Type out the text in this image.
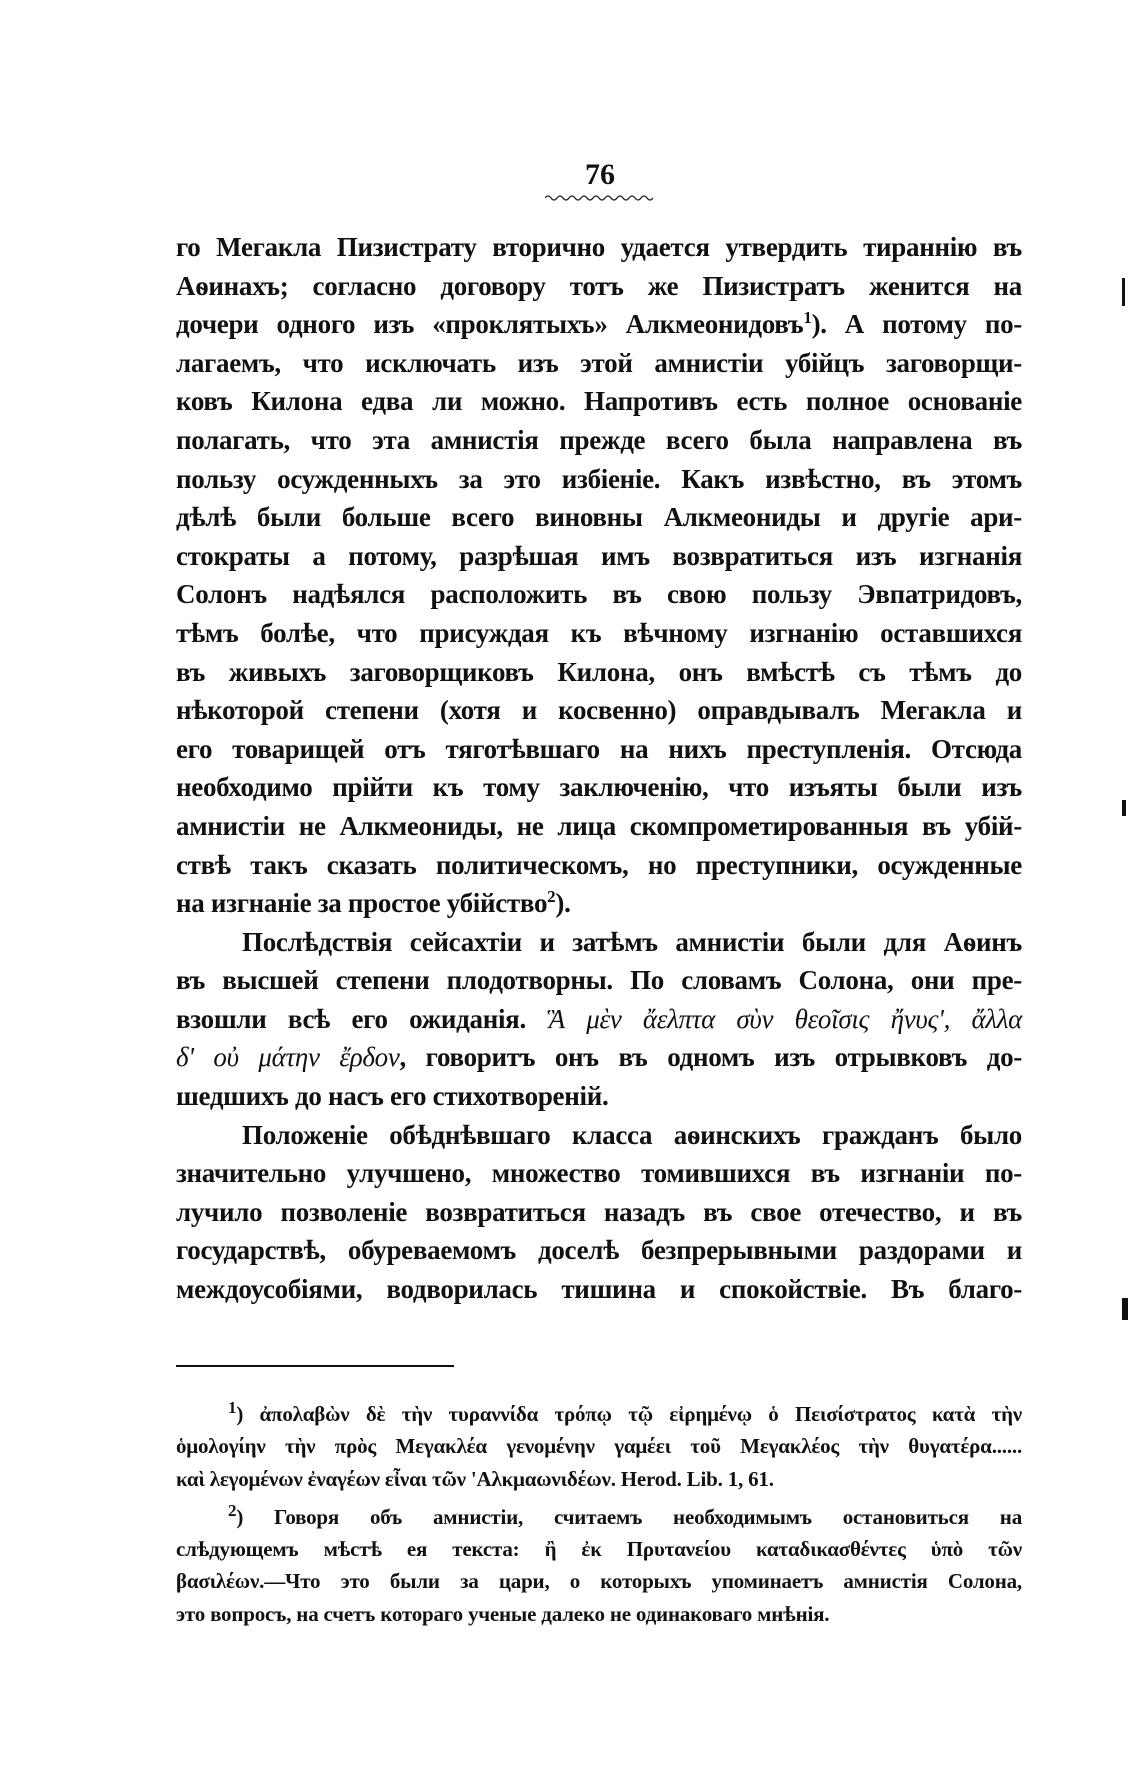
76
го Мегакла Пизистрату вторично удается утвердить тираннію въ
Аѳинахъ; согласно договору тотъ же Пизистратъ женится на
дочери одного изъ «проклятыхъ» Алкмеонидовъ$^1$). А потому по-
лагаемъ, что исключать изъ этой амнистіи убійцъ заговорщи-
ковъ Килона едва ли можно. Напротивъ есть полное основаніе
полагать, что эта амнистія прежде всего была направлена въ
пользу осужденныхъ за это избіеніе. Какъ извѣстно, въ этомъ
дѣлѣ были больше всего виновны Алкмеониды и другіе ари-
стократы а потому, разрѣшая имъ возвратиться изъ изгнанія
Солонъ надѣялся расположить въ свою пользу Эвпатридовъ,
тѣмъ болѣе, что присуждая къ вѣчному изгнанію оставшихся
въ живыхъ заговорщиковъ Килона, онъ вмѣстѣ съ тѣмъ до
нѣкоторой степени (хотя и косвенно) оправдывалъ Мегакла и
его товарищей отъ тяготѣвшаго на нихъ преступленія. Отсюда
необходимо прійти къ тому заключенію, что изъяты были изъ
амнистіи не Алкмеониды, не лица скомпрометированныя въ убій-
ствѣ такъ сказать политическомъ, но преступники, осужденные
на изгнаніе за простое убійство$^2$).
Послѣдствія сейсахтіи и затѣмъ амнистіи были для Аѳинъ
въ высшей степени плодотворны. По словамъ Солона, они пре-
взошли всѣ его ожиданія. Ἃ μὲν ἄελπτα σὺν θεοῖσις ἤνυς', ἄλλα
δ' οὐ μάτην ἔρδον, говоритъ онъ въ одномъ изъ отрывковъ до-
шедшихъ до насъ его стихотвореній.
Положеніе обѣднѣвшаго класса аѳинскихъ гражданъ было
значительно улучшено, множество томившихся въ изгнаніи по-
лучило позволеніе возвратиться назадъ въ свое отечество, и въ
государствѣ, обуреваемомъ доселѣ безпрерывными раздорами и
междоусобіями, водворилась тишина и спокойствіе. Въ благо-
$^1$) ἀπολαβὼν δὲ τὴν τυραννίδα τρόπῳ τῷ εἰρημένῳ ὁ Πεισίστρατος κατὰ τὴν
ὁμολογίην τὴν πρὸς Μεγακλέα γενομένην γαμέει τοῦ Μεγακλέος τὴν θυγατέρα......
καὶ λεγομένων ἐναγέων εἶναι τῶν 'Αλκμαωνιδέων. Herod. Lib. 1, 61.
$^2$) Говоря объ амнистіи, считаемъ необходимымъ остановиться на
слѣдующемъ мѣстѣ ея текста: ἢ ἐκ Πρυτανείου καταδικασθέντες ὑπὸ τῶν
βασιλέων.—Что это были за цари, о которыхъ упоминаетъ амнистія Солона,
это вопросъ, на счетъ котораго ученые далеко не одинаковаго мнѣнія.
